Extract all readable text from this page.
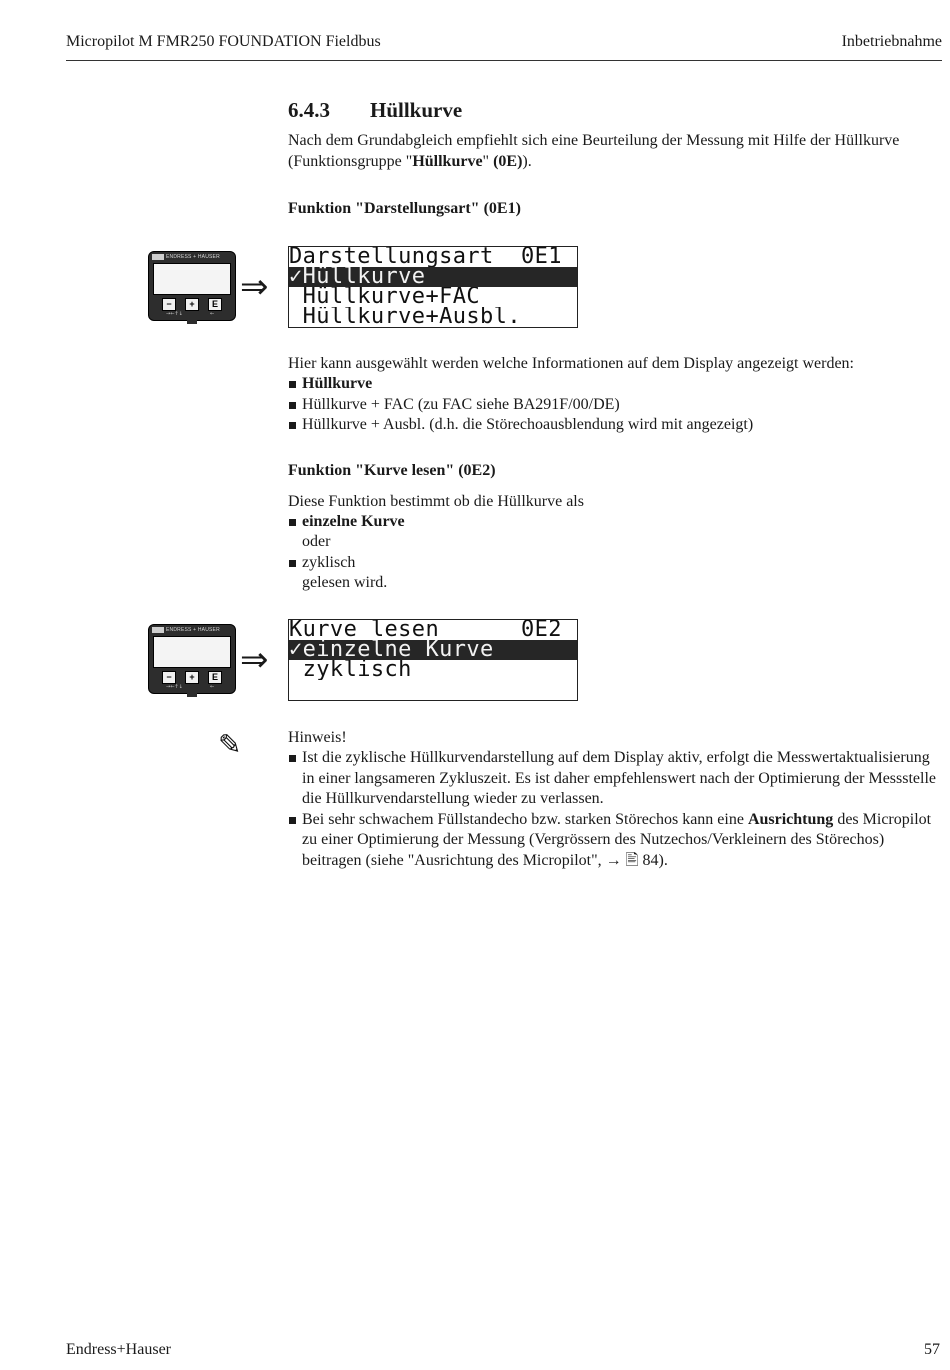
Micropilot M FMR250 FOUNDATION Fieldbus	Inbetriebnahme
6.4.3 Hüllkurve
Nach dem Grundabgleich empfiehlt sich eine Beurteilung der Messung mit Hilfe der Hüllkurve (Funktionsgruppe "Hüllkurve" (0E)).
Funktion "Darstellungsart" (0E1)
ENDRESS + HAUSER
−	+	E
→←↑↓	←
⇒
Darstellungsart  0E1
✓Hüllkurve
Hüllkurve+FAC
Hüllkurve+Ausbl.
Hier kann ausgewählt werden welche Informationen auf dem Display angezeigt werden:
Hüllkurve
Hüllkurve + FAC (zu FAC siehe BA291F/00/DE)
Hüllkurve + Ausbl. (d.h. die Störechoausblendung wird mit angezeigt)
Funktion "Kurve lesen" (0E2)
Diese Funktion bestimmt ob die Hüllkurve als
einzelne Kurve
oder
zyklisch
gelesen wird.
ENDRESS + HAUSER
−	+	E
→←↑↓	←
⇒
Kurve lesen      0E2
✓einzelne Kurve
zyklisch
✎	Hinweis!
Ist die zyklische Hüllkurvendarstellung auf dem Display aktiv, erfolgt die Messwertaktualisierung in einer langsameren Zykluszeit. Es ist daher empfehlenswert nach der Optimierung der Messstelle die Hüllkurvendarstellung wieder zu verlassen.
Bei sehr schwachem Füllstandecho bzw. starken Störechos kann eine Ausrichtung des Micropilot zu einer Optimierung der Messung (Vergrössern des Nutzechos/Verkleinern des Störechos) beitragen (siehe "Ausrichtung des Micropilot", → 🖹 84).
Endress+Hauser	57
